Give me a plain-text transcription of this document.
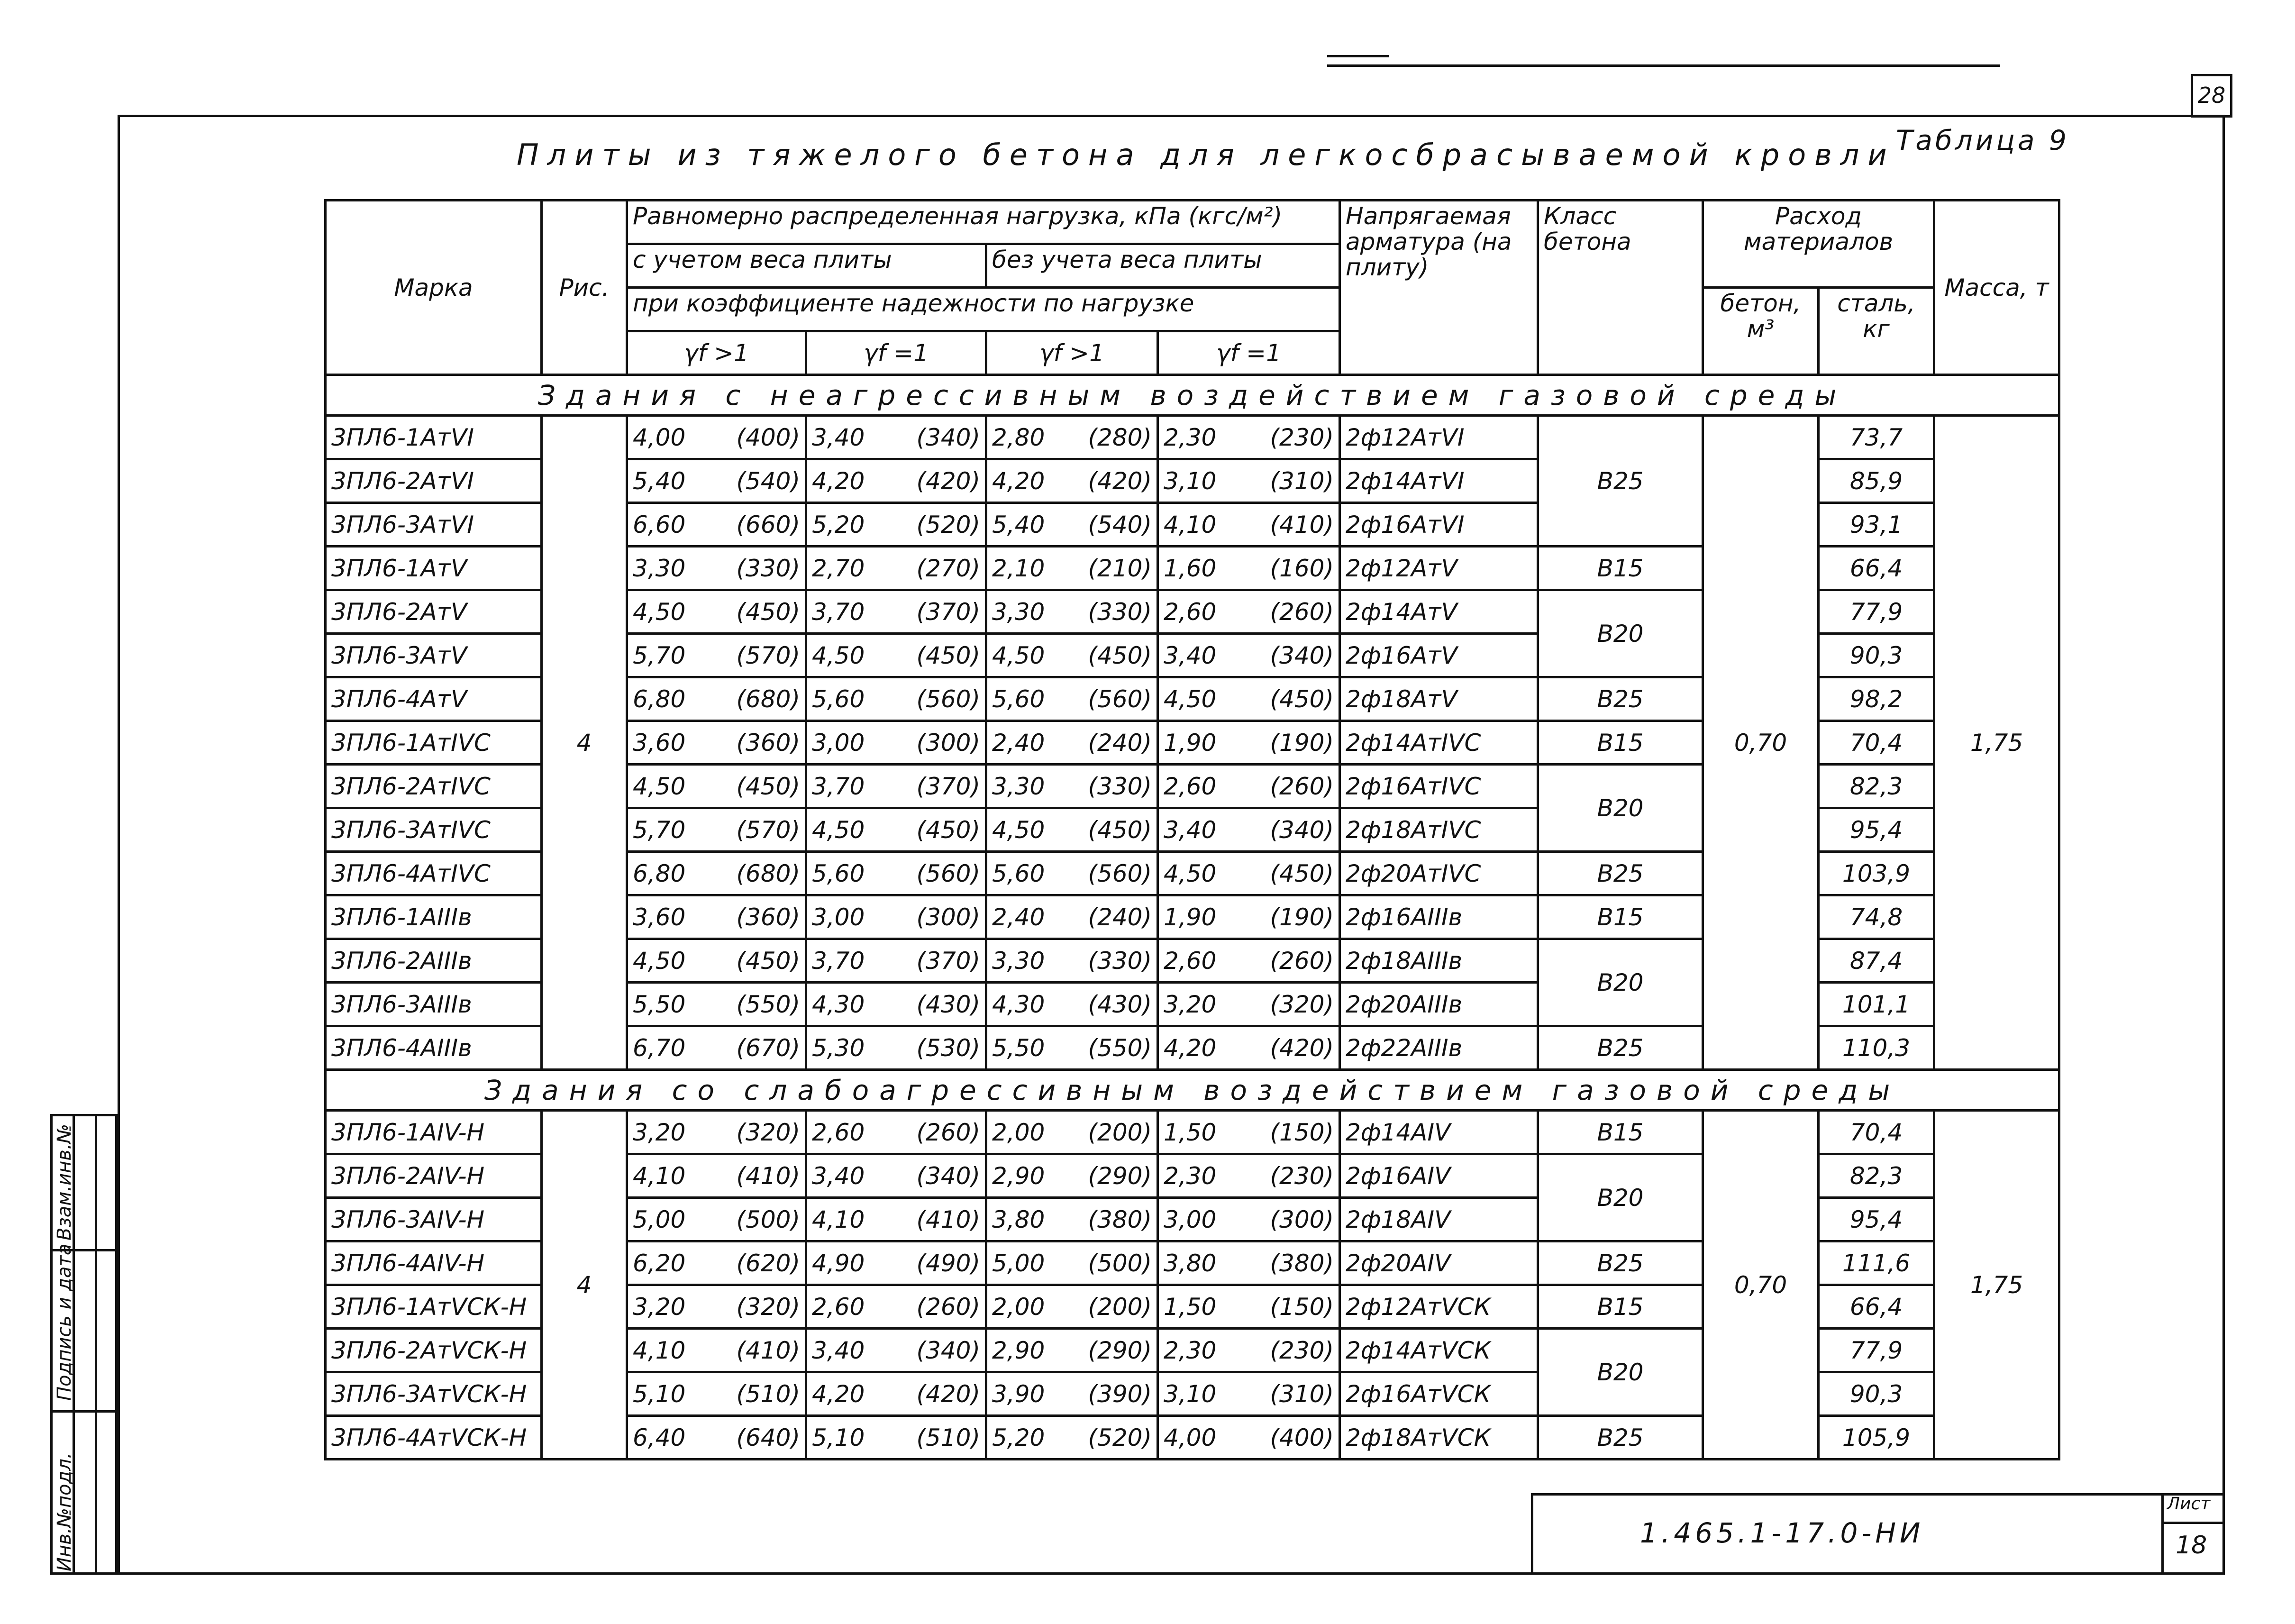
28
Плиты из тяжелого бетона для легкосбрасываемой кровли Таблица 9
Марка	Рис.	Равномерно распределенная нагрузка, кПа (кгс/м²)				Напрягаемая арматура (на плиту)	Класс бетона	Расход материалов		Масса, т
		с учетом веса плиты		без учета веса плиты						
		при коэффициенте надежности по нагрузке						бетон, м³	сталь, кг	
		γf >1	γf =1	γf >1	γf =1					
Здания с неагрессивным воздействием газовой среды										
3ПЛ6-1АтVI	4	4,00 (400)	3,40 (340)	2,80 (280)	2,30 (230)	2ф12АтVI	В25	0,70	73,7	1,75
3ПЛ6-2АтVI		5,40 (540)	4,20 (420)	4,20 (420)	3,10 (310)	2ф14АтVI			85,9	
3ПЛ6-3АтVI		6,60 (660)	5,20 (520)	5,40 (540)	4,10 (410)	2ф16АтVI			93,1	
3ПЛ6-1АтV		3,30 (330)	2,70 (270)	2,10 (210)	1,60 (160)	2ф12АтV	В15		66,4	
3ПЛ6-2АтV		4,50 (450)	3,70 (370)	3,30 (330)	2,60 (260)	2ф14АтV	В20		77,9	
3ПЛ6-3АтV		5,70 (570)	4,50 (450)	4,50 (450)	3,40 (340)	2ф16АтV			90,3	
3ПЛ6-4АтV		6,80 (680)	5,60 (560)	5,60 (560)	4,50 (450)	2ф18АтV	В25		98,2	
3ПЛ6-1АтIVС		3,60 (360)	3,00 (300)	2,40 (240)	1,90 (190)	2ф14АтIVС	В15		70,4	
3ПЛ6-2АтIVС		4,50 (450)	3,70 (370)	3,30 (330)	2,60 (260)	2ф16АтIVС	В20		82,3	
3ПЛ6-3АтIVС		5,70 (570)	4,50 (450)	4,50 (450)	3,40 (340)	2ф18АтIVС			95,4	
3ПЛ6-4АтIVС		6,80 (680)	5,60 (560)	5,60 (560)	4,50 (450)	2ф20АтIVС	В25		103,9	
3ПЛ6-1АIIIв		3,60 (360)	3,00 (300)	2,40 (240)	1,90 (190)	2ф16АIIIв	В15		74,8	
3ПЛ6-2АIIIв		4,50 (450)	3,70 (370)	3,30 (330)	2,60 (260)	2ф18АIIIв	В20		87,4	
3ПЛ6-3АIIIв		5,50 (550)	4,30 (430)	4,30 (430)	3,20 (320)	2ф20АIIIв			101,1	
3ПЛ6-4АIIIв		6,70 (670)	5,30 (530)	5,50 (550)	4,20 (420)	2ф22АIIIв	В25		110,3	
Здания со слабоагрессивным воздействием газовой среды										
3ПЛ6-1АIV-Н	4	3,20 (320)	2,60 (260)	2,00 (200)	1,50 (150)	2ф14АIV	В15	0,70	70,4	1,75
3ПЛ6-2АIV-Н		4,10 (410)	3,40 (340)	2,90 (290)	2,30 (230)	2ф16АIV	В20		82,3	
3ПЛ6-3АIV-Н		5,00 (500)	4,10 (410)	3,80 (380)	3,00 (300)	2ф18АIV			95,4	
3ПЛ6-4АIV-Н		6,20 (620)	4,90 (490)	5,00 (500)	3,80 (380)	2ф20АIV	В25		111,6	
3ПЛ6-1АтVСК-Н		3,20 (320)	2,60 (260)	2,00 (200)	1,50 (150)	2ф12АтVСК	В15		66,4	
3ПЛ6-2АтVСК-Н		4,10 (410)	3,40 (340)	2,90 (290)	2,30 (230)	2ф14АтVСК	В20		77,9	
3ПЛ6-3АтVСК-Н		5,10 (510)	4,20 (420)	3,90 (390)	3,10 (310)	2ф16АтVСК			90,3	
3ПЛ6-4АтVСК-Н		6,40 (640)	5,10 (510)	5,20 (520)	4,00 (400)	2ф18АтVСК	В25		105,9	
Взам.инв.№
Подпись и дата
Инв.№подл.	1.465.1-17.0-НИ
Лист
18
